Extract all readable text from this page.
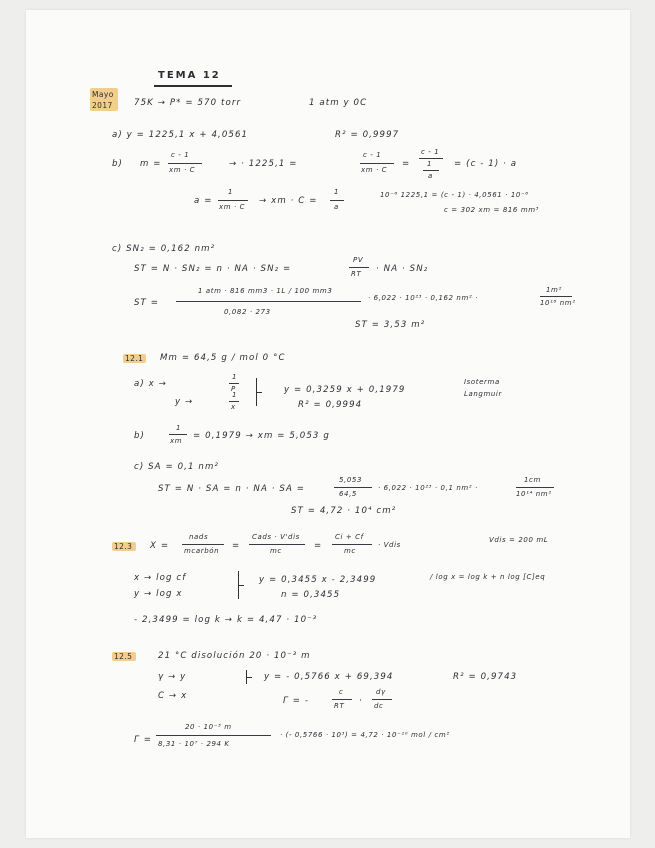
TEMA 12
Mayo
2017 75K → P* = 570 torr	1 atm y 0C
a) y = 1225,1 x + 4,0561	R² = 0,9997
b) m =
c - 1
xm · C
→ · 1225,1 =
c - 1
xm · C
=
c - 1
1
a
= (c - 1) · a
a =
1
xm · C
→ xm · C =
1
a
10⁻⁶ 1225,1 = (c - 1) · 4,0561 · 10⁻⁶
c = 302 xm = 816 mm³
c) SN₂ = 0,162 nm²
ST = N · SN₂ = n · NA · SN₂ =
PV
RT · NA · SN₂
ST =
1 atm · 816 mm3 · 1L / 100 mm3
0,082 · 273
· 6,022 · 10²³ · 0,162 nm² ·
1m²
10¹⁸ nm²
ST = 3,53 m²
12.1 Mm = 64,5 g / mol 0 °C
a) x →
1
P
y →
1
x
y = 0,3259 x + 0,1979
R² = 0,9994
Isoterma
Langmuir
b)
1
xm = 0,1979 → xm = 5,053 g
c) SA = 0,1 nm²
ST = N · SA = n · NA · SA =
5,053
64,5
· 6,022 · 10²³ · 0,1 nm² ·
1cm
10¹⁴ nm²
ST = 4,72 · 10⁴ cm²
12.3 X =
nads
mcarbón =
Cads · V'dis
mc	=
Ci + Cf
mc
· Vdis
Vdis = 200 mL
x → log cf
y → log x
y = 0,3455 x - 2,3499	/ log x = log k + n log [C]eq
n = 0,3455
- 2,3499 = log k → k = 4,47 · 10⁻³
12.5	21 °C disolución 20 · 10⁻³ m
γ → y
C → x
y = - 0,5766 x + 69,394	R² = 0,9743
Γ = -
c
RT ·
dγ
dc
Γ =
20 · 10⁻³ m
8,31 · 10⁷ · 294 K
· (- 0,5766 · 10³) = 4,72 · 10⁻¹⁰ mol / cm²
